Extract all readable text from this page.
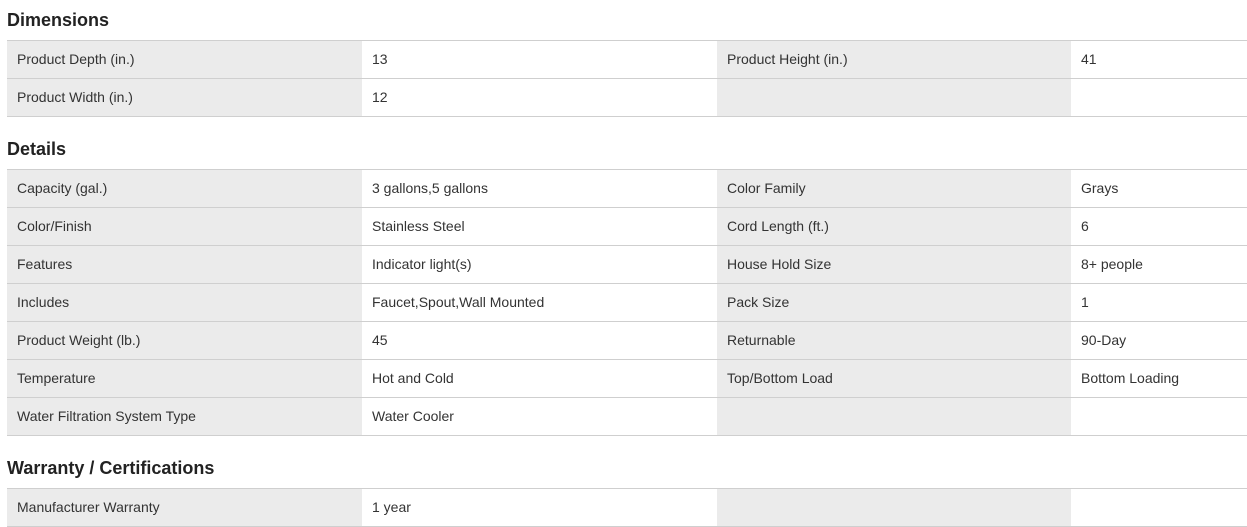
Dimensions
Product Depth (in.)	13	Product Height (in.)	41
Product Width (in.)	12
Details
Capacity (gal.)	3 gallons,5 gallons	Color Family	Grays
Color/Finish	Stainless Steel	Cord Length (ft.)	6
Features	Indicator light(s)	House Hold Size	8+ people
Includes	Faucet,Spout,Wall Mounted	Pack Size	1
Product Weight (lb.)	45	Returnable	90-Day
Temperature	Hot and Cold	Top/Bottom Load	Bottom Loading
Water Filtration System Type	Water Cooler
Warranty / Certifications
Manufacturer Warranty	1 year
